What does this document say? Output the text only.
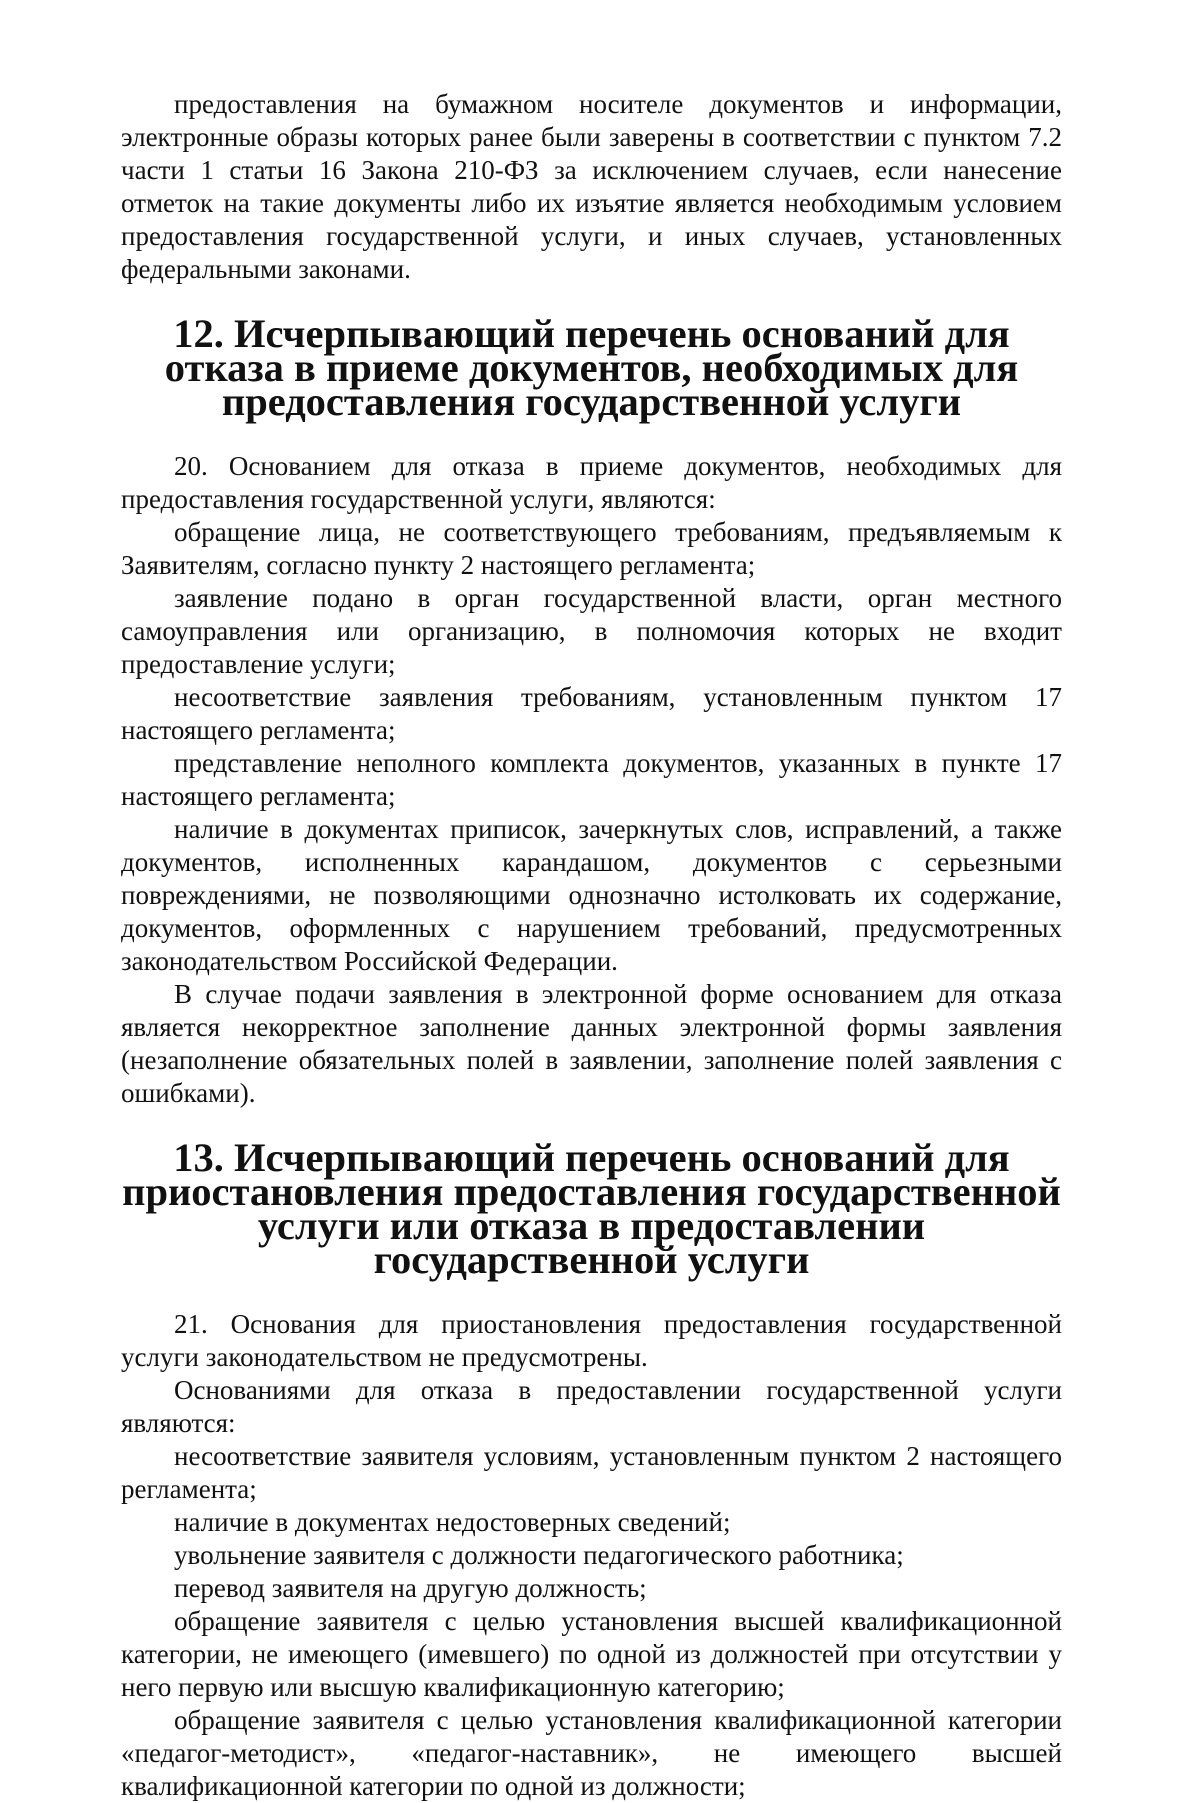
предоставления на бумажном носителе документов и информации, электронные образы которых ранее были заверены в соответствии с пунктом 7.2 части 1 статьи 16 Закона 210-ФЗ за исключением случаев, если нанесение отметок на такие документы либо их изъятие является необходимым условием предоставления государственной услуги, и иных случаев, установленных федеральными законами.

12. Исчерпывающий перечень оснований для отказа в приеме документов, необходимых для предоставления государственной услуги

20. Основанием для отказа в приеме документов, необходимых для предоставления государственной услуги, являются:

обращение лица, не соответствующего требованиям, предъявляемым к Заявителям, согласно пункту 2 настоящего регламента;

заявление подано в орган государственной власти, орган местного самоуправления или организацию, в полномочия которых не входит предоставление услуги;

несоответствие заявления требованиям, установленным пунктом 17 настоящего регламента;

представление неполного комплекта документов, указанных в пункте 17 настоящего регламента;

наличие в документах приписок, зачеркнутых слов, исправлений, а также документов, исполненных карандашом, документов с серьезными повреждениями, не позволяющими однозначно истолковать их содержание, документов, оформленных с нарушением требований, предусмотренных законодательством Российской Федерации.

В случае подачи заявления в электронной форме основанием для отказа является некорректное заполнение данных электронной формы заявления (незаполнение обязательных полей в заявлении, заполнение полей заявления с ошибками).

13. Исчерпывающий перечень оснований для приостановления предоставления государственной услуги или отказа в предоставлении государственной услуги

21. Основания для приостановления предоставления государственной услуги законодательством не предусмотрены.

Основаниями для отказа в предоставлении государственной услуги являются:

несоответствие заявителя условиям, установленным пунктом 2 настоящего регламента;

наличие в документах недостоверных сведений;

увольнение заявителя с должности педагогического работника;

перевод заявителя на другую должность;

обращение заявителя с целью установления высшей квалификационной категории, не имеющего (имевшего) по одной из должностей при отсутствии у него первую или высшую квалификационную категорию;

обращение заявителя с целью установления квалификационной категории «педагог-методист», «педагог-наставник», не имеющего высшей квалификационной категории по одной из должности;
